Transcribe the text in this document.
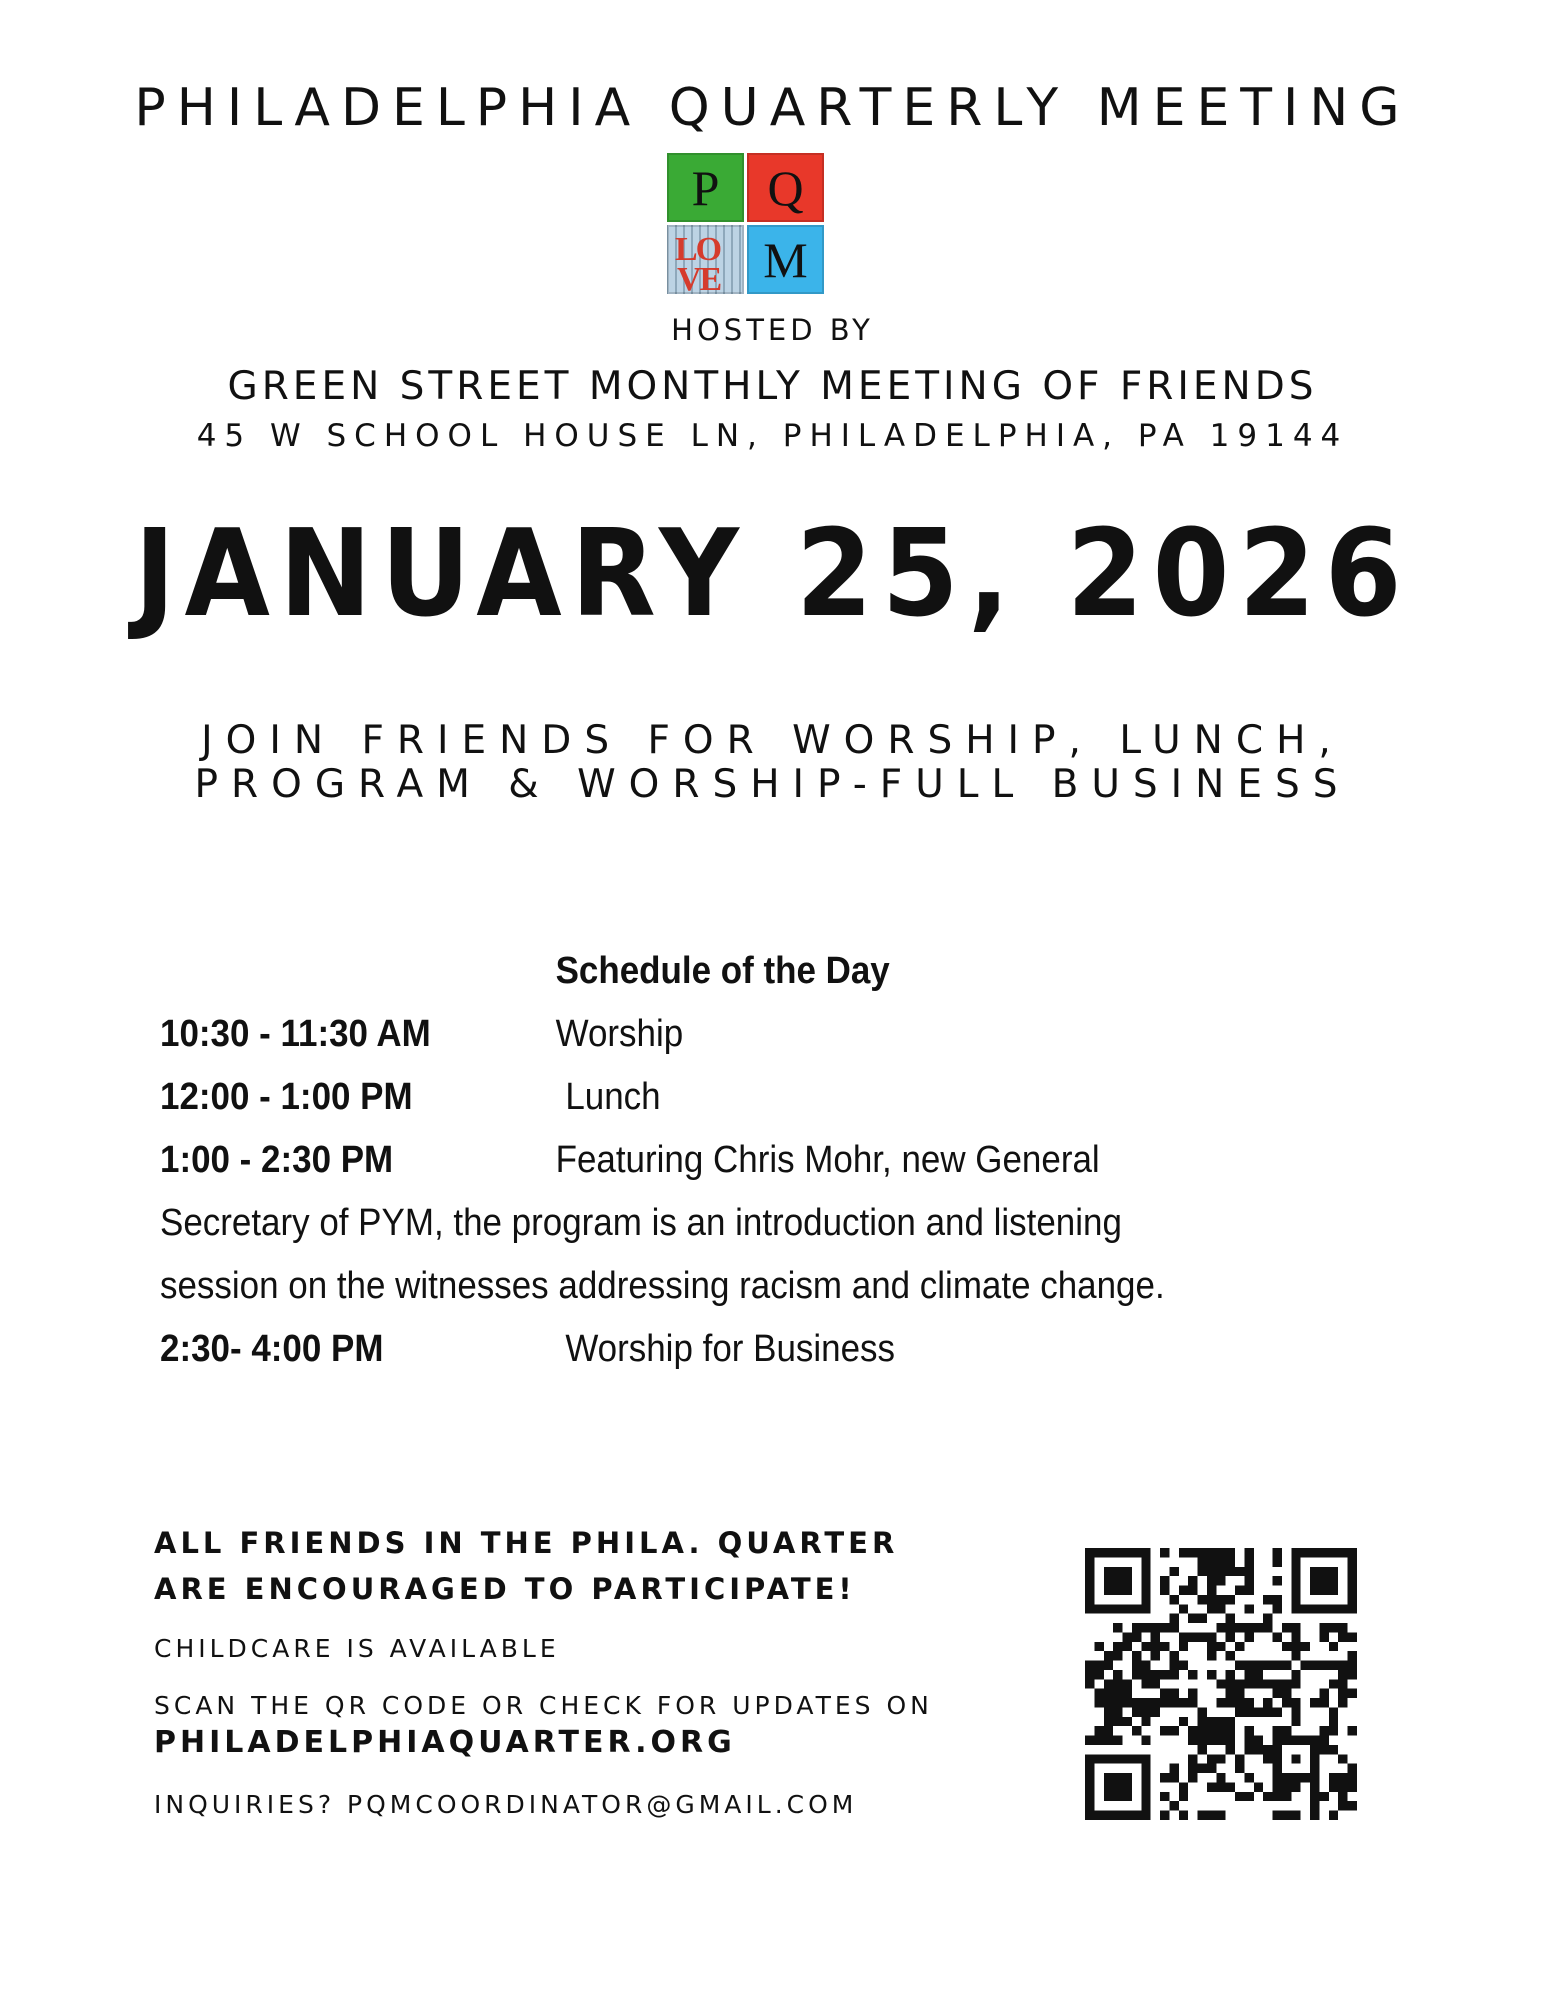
PHILADELPHIA QUARTERLY MEETING
P Q
LO
VE M
HOSTED BY
GREEN STREET MONTHLY MEETING OF FRIENDS
45 W SCHOOL HOUSE LN, PHILADELPHIA, PA 19144
JANUARY 25, 2026
JOIN FRIENDS FOR WORSHIP, LUNCH,
PROGRAM & WORSHIP-FULL BUSINESS
Schedule of the Day
10:30 - 11:30 AM	Worship
12:00 - 1:00 PM	Lunch
1:00 - 2:30 PM	Featuring Chris Mohr, new General
Secretary of PYM, the program is an introduction and listening
session on the witnesses addressing racism and climate change.
2:30- 4:00 PM	Worship for Business
ALL FRIENDS IN THE PHILA. QUARTER
ARE ENCOURAGED TO PARTICIPATE!
CHILDCARE IS AVAILABLE
SCAN THE QR CODE OR CHECK FOR UPDATES ON
PHILADELPHIAQUARTER.ORG
INQUIRIES? PQMCOORDINATOR@GMAIL.COM
